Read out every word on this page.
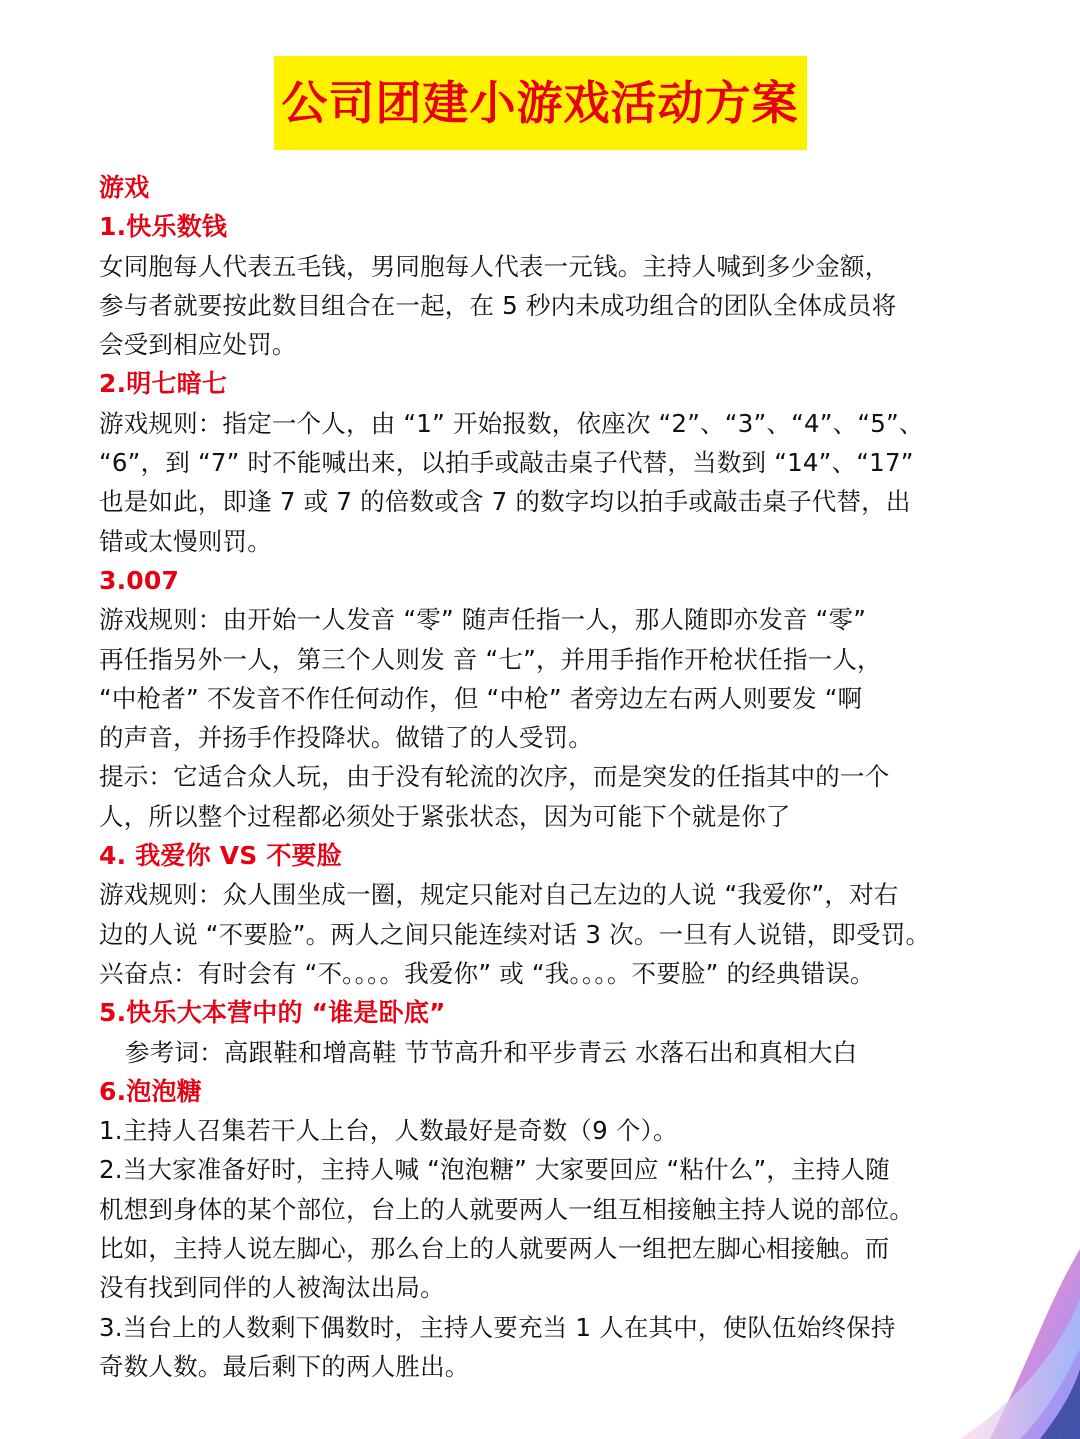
公司团建小游戏活动方案
游戏
1.快乐数钱
女同胞每人代表五毛钱，男同胞每人代表一元钱。主持人喊到多少金额，
参与者就要按此数目组合在一起，在 5 秒内未成功组合的团队全体成员将
会受到相应处罚。
2.明七暗七
游戏规则：指定一个人，由 “1” 开始报数，依座次 “2”、“3”、“4”、“5”、
“6”，到 “7” 时不能喊出来，以拍手或敲击桌子代替，当数到 “14”、“17”
也是如此，即逢 7 或 7 的倍数或含 7 的数字均以拍手或敲击桌子代替，出
错或太慢则罚。
3.007
游戏规则：由开始一人发音 “零” 随声任指一人，那人随即亦发音 “零”
再任指另外一人，第三个人则发 音 “七”，并用手指作开枪状任指一人，
“中枪者” 不发音不作任何动作，但 “中枪” 者旁边左右两人则要发 “啊
的声音，并扬手作投降状。做错了的人受罚。
提示：它适合众人玩，由于没有轮流的次序，而是突发的任指其中的一个
人，所以整个过程都必须处于紧张状态，因为可能下个就是你了
4. 我爱你 VS 不要脸
游戏规则：众人围坐成一圈，规定只能对自己左边的人说 “我爱你”，对右
边的人说 “不要脸”。两人之间只能连续对话 3 次。一旦有人说错，即受罚。
兴奋点：有时会有 “不。。。。我爱你” 或 “我。。。。不要脸” 的经典错误。
5.快乐大本营中的 “谁是卧底”
参考词：高跟鞋和增高鞋 节节高升和平步青云 水落石出和真相大白
6.泡泡糖
1.主持人召集若干人上台，人数最好是奇数（9 个）。
2.当大家准备好时，主持人喊 “泡泡糖” 大家要回应 “粘什么”，主持人随
机想到身体的某个部位，台上的人就要两人一组互相接触主持人说的部位。
比如，主持人说左脚心，那么台上的人就要两人一组把左脚心相接触。而
没有找到同伴的人被淘汰出局。
3.当台上的人数剩下偶数时，主持人要充当 1 人在其中，使队伍始终保持
奇数人数。最后剩下的两人胜出。
